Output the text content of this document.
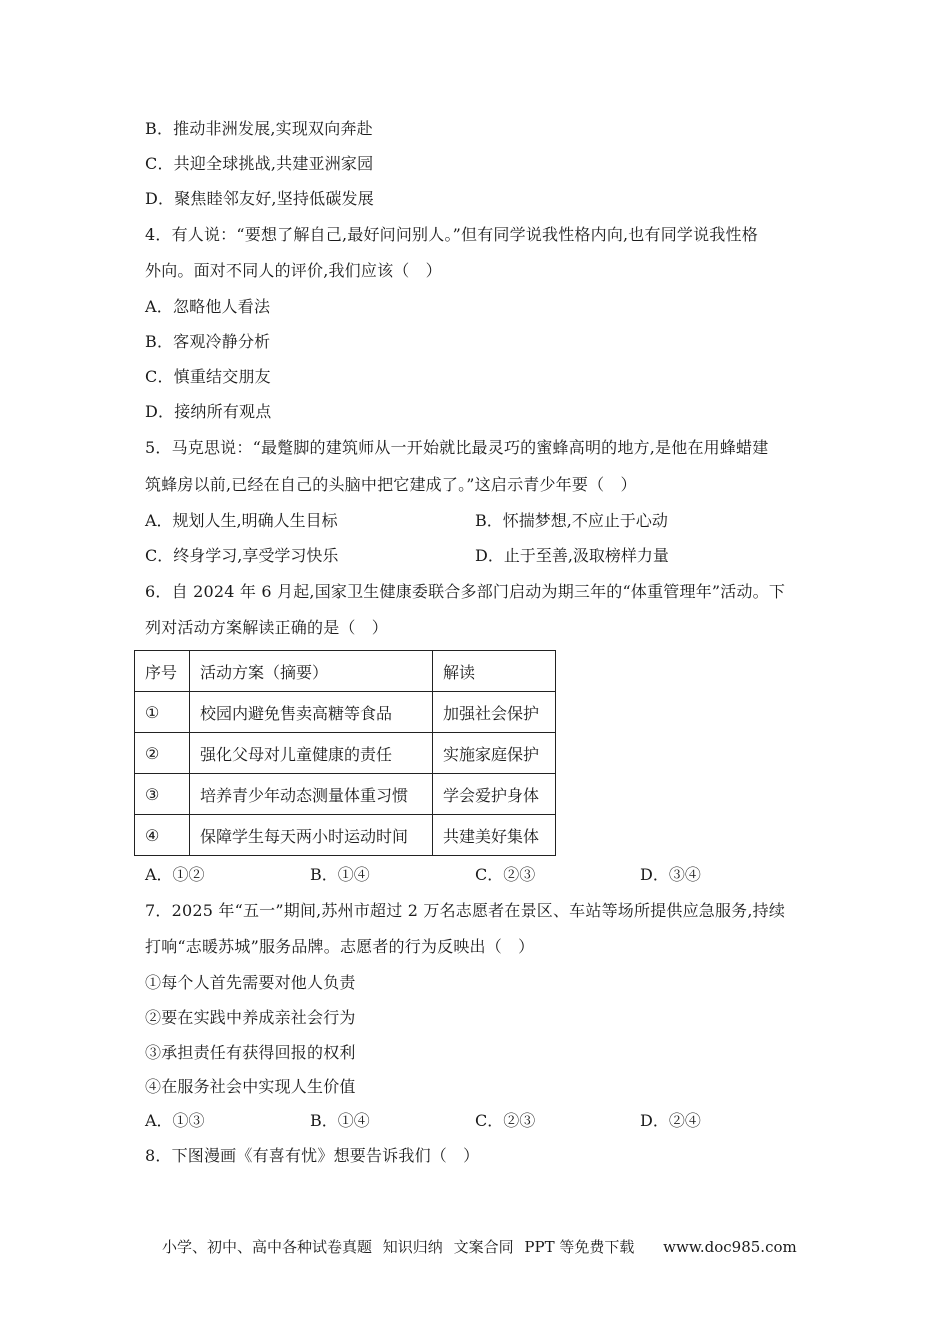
B．推动非洲发展,实现双向奔赴
C．共迎全球挑战,共建亚洲家园
D．聚焦睦邻友好,坚持低碳发展
4．有人说：“要想了解自己,最好问问别人。”但有同学说我性格内向,也有同学说我性格
外向。面对不同人的评价,我们应该（　）
A．忽略他人看法
B．客观冷静分析
C．慎重结交朋友
D．接纳所有观点
5．马克思说：“最蹩脚的建筑师从一开始就比最灵巧的蜜蜂高明的地方,是他在用蜂蜡建
筑蜂房以前,已经在自己的头脑中把它建成了。”这启示青少年要（　）
A．规划人生,明确人生目标	B．怀揣梦想,不应止于心动
C．终身学习,享受学习快乐	D．止于至善,汲取榜样力量
6．自 2024 年 6 月起,国家卫生健康委联合多部门启动为期三年的“体重管理年”活动。下
列对活动方案解读正确的是（　）
序号	活动方案（摘要）	解读
①	校园内避免售卖高糖等食品	加强社会保护
②	强化父母对儿童健康的责任	实施家庭保护
③	培养青少年动态测量体重习惯	学会爱护身体
④	保障学生每天两小时运动时间	共建美好集体
A．①②	B．①④	C．②③	D．③④
7．2025 年“五一”期间,苏州市超过 2 万名志愿者在景区、车站等场所提供应急服务,持续
打响“志暖苏城”服务品牌。志愿者的行为反映出（　）
①每个人首先需要对他人负责
②要在实践中养成亲社会行为
③承担责任有获得回报的权利
④在服务社会中实现人生价值
A．①③	B．①④	C．②③	D．②④
8．下图漫画《有喜有忧》想要告诉我们（　）
小学、初中、高中各种试卷真题 知识归纳 文案合同 PPT 等免费下载 www.doc985.com
